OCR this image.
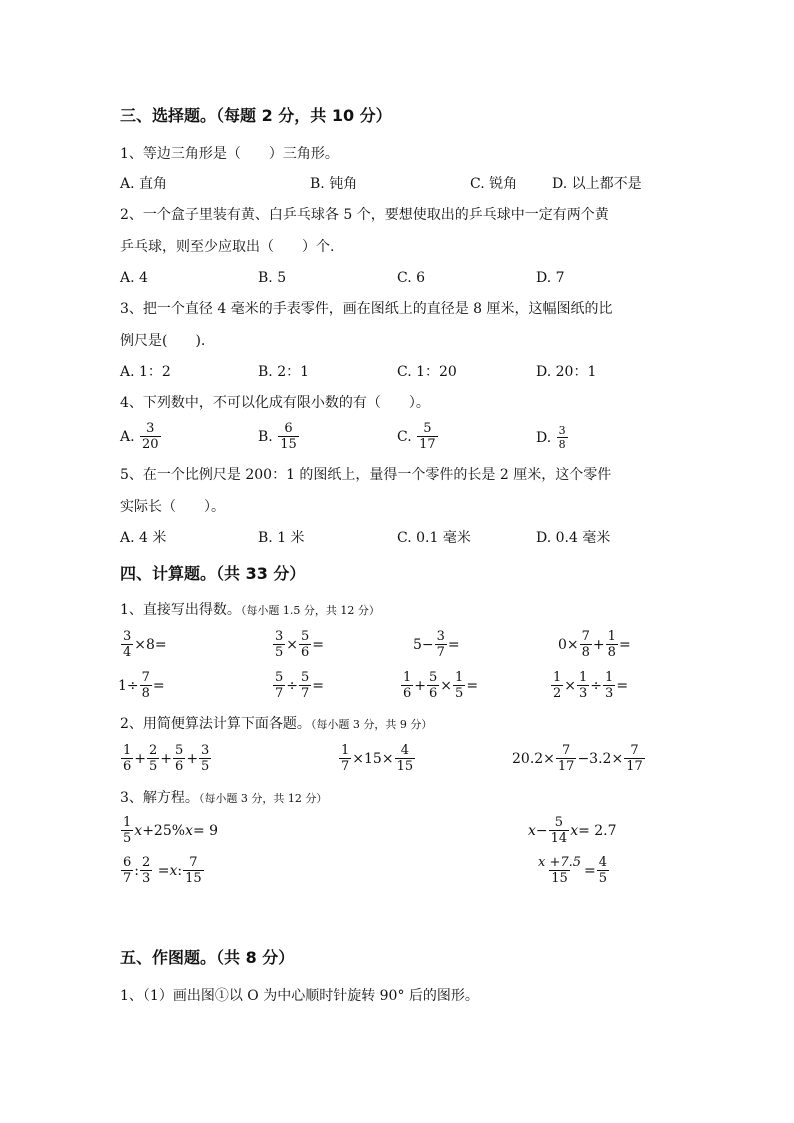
三、选择题。（每题 2 分，共 10 分）
1、等边三角形是（　　）三角形。
A. 直角	B. 钝角	C. 锐角 D. 以上都不是
2、一个盒子里装有黄、白乒乓球各 5 个，要想使取出的乒乓球中一定有两个黄
乒乓球，则至少应取出（　　）个.
A. 4	B. 5	C. 6	D. 7
3、把一个直径 4 毫米的手表零件，画在图纸上的直径是 8 厘米，这幅图纸的比
例尺是(　　).
A. 1：2	B. 2：1	C. 1：20	D. 20：1
4、下列数中，不可以化成有限小数的有（　　）。
A.
$\frac{3}{20}$	B.
$\frac{6}{15}$	C.
$\frac{5}{17}$	D.
$\frac{3}{8}$
5、在一个比例尺是 200：1 的图纸上，量得一个零件的长是 2 厘米，这个零件
实际长（　　）。
A. 4 米	B. 1 米	C. 0.1 毫米	D. 0.4 毫米
四、计算题。（共 33 分）
1、直接写出得数。（每小题 1.5 分，共 12 分）
$\frac{3}{4} \times 8=$	$\frac{3}{5} \times \frac{5}{6}$ =	$5- \frac{3}{7}$ =	$0\times \frac{7}{8} + \frac{1}{8}$ =
$1\div \frac{7}{8}$ =	$\frac{5}{7} \div \frac{5}{7}$ =	$\frac{1}{6} + \frac{5}{6} \times \frac{1}{5}$ =	$\frac{1}{2} \times \frac{1}{3} \div \frac{1}{3}$ =
2、用简便算法计算下面各题。（每小题 3 分，共 9 分）
$\frac{1}{6} + \frac{2}{5} + \frac{5}{6} + \frac{3}{5}$	$\frac{1}{7} \times 15\times \frac{4}{15}$	$20.2\times \frac{7}{17} -3.2\times \frac{7}{17}$
3、解方程。（每小题 3 分，共 12 分）
$\frac{1}{5}$ x +25% x = 9	$x - \frac{5}{14}$ x = 2.7
$\frac{6}{7}$ : $\frac{2}{3}$
= x : $\frac{7}{15}$	$\frac{x +7.5}{15} = \frac{4}{5}$
五、作图题。（共 8 分）
1、（1）画出图①以 O 为中心顺时针旋转 90° 后的图形。
